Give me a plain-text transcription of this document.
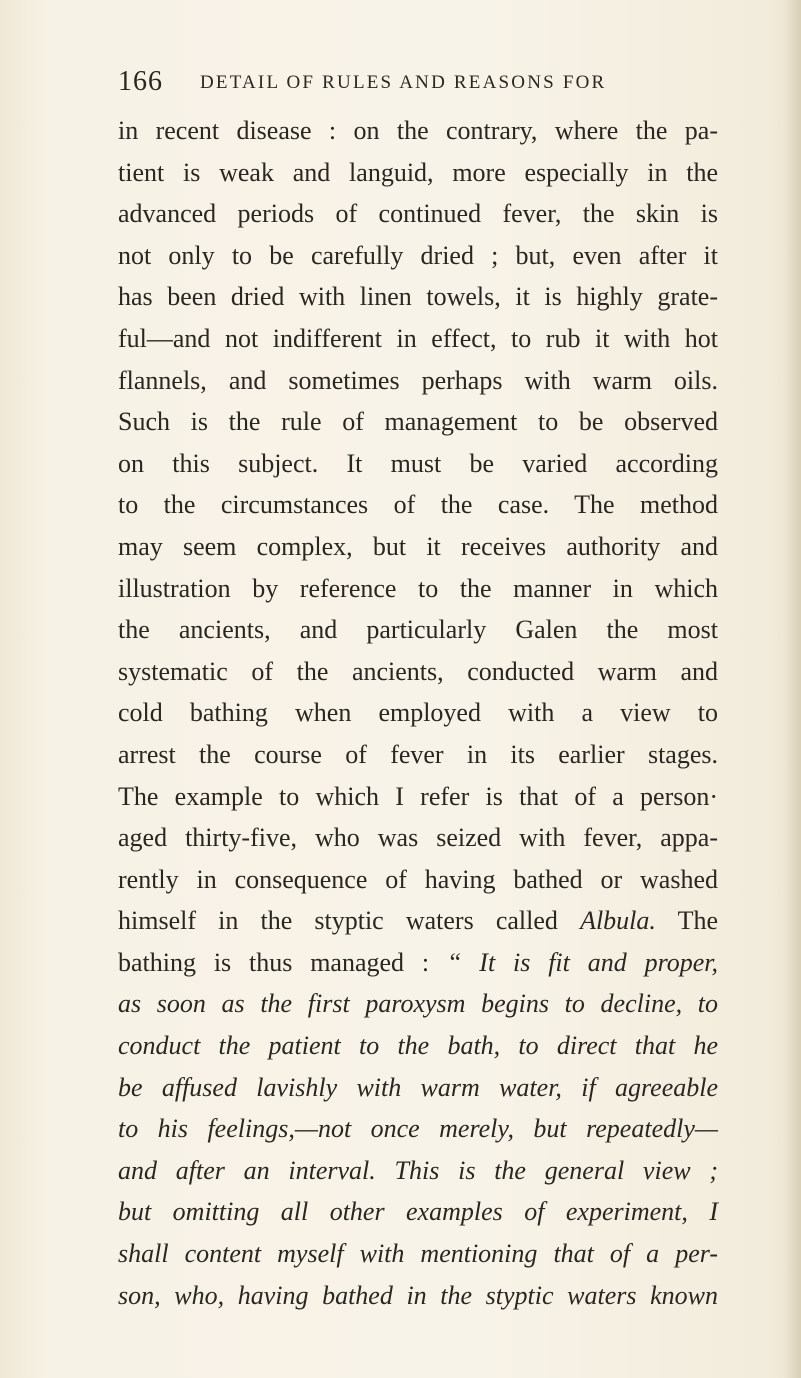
166 DETAIL OF RULES AND REASONS FOR
in recent disease : on the contrary, where the pa-
tient is weak and languid, more especially in the
advanced periods of continued fever, the skin is
not only to be carefully dried ; but, even after it
has been dried with linen towels, it is highly grate-
ful—and not indifferent in effect, to rub it with hot
flannels, and sometimes perhaps with warm oils.
Such is the rule of management to be observed
on this subject. It must be varied according
to the circumstances of the case. The method
may seem complex, but it receives authority and
illustration by reference to the manner in which
the ancients, and particularly Galen the most
systematic of the ancients, conducted warm and
cold bathing when employed with a view to
arrest the course of fever in its earlier stages.
The example to which I refer is that of a person·
aged thirty-five, who was seized with fever, appa-
rently in consequence of having bathed or washed
himself in the styptic waters called Albula. The
bathing is thus managed : “ It is fit and proper,
as soon as the first paroxysm begins to decline, to
conduct the patient to the bath, to direct that he
be affused lavishly with warm water, if agreeable
to his feelings,—not once merely, but repeatedly—
and after an interval. This is the general view ;
but omitting all other examples of experiment, I
shall content myself with mentioning that of a per-
son, who, having bathed in the styptic waters known
